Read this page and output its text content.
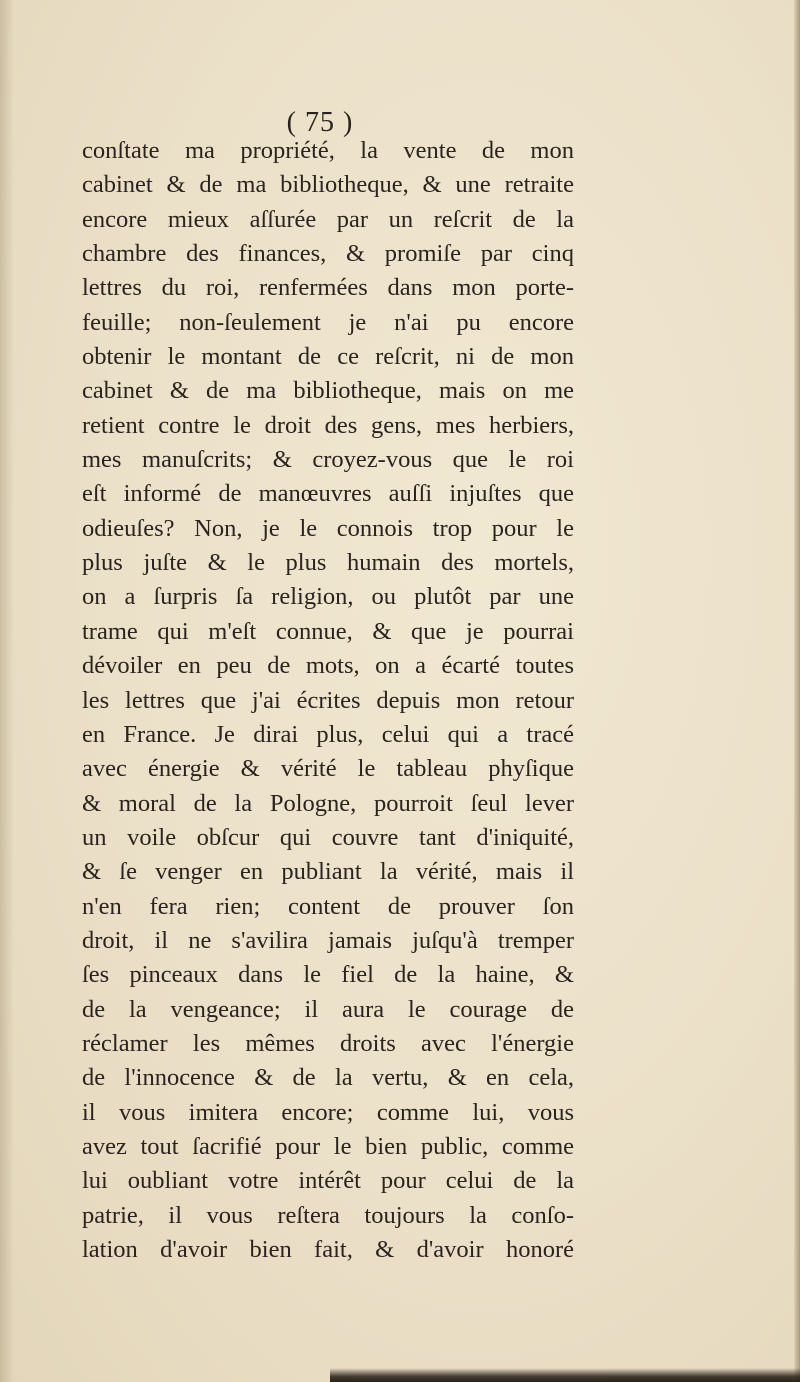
( 75 )
conſtate ma propriété, la vente de mon
cabinet & de ma bibliotheque, & une retraite
encore mieux aſſurée par un reſcrit de la
chambre des finances, & promiſe par cinq
lettres du roi, renfermées dans mon porte-
feuille; non-ſeulement je n'ai pu encore
obtenir le montant de ce reſcrit, ni de mon
cabinet & de ma bibliotheque, mais on me
retient contre le droit des gens, mes herbiers,
mes manuſcrits; & croyez-vous que le roi
eſt informé de manœuvres auſſi injuſtes que
odieuſes? Non, je le connois trop pour le
plus juſte & le plus humain des mortels,
on a ſurpris ſa religion, ou plutôt par une
trame qui m'eſt connue, & que je pourrai
dévoiler en peu de mots, on a écarté toutes
les lettres que j'ai écrites depuis mon retour
en France. Je dirai plus, celui qui a tracé
avec énergie & vérité le tableau phyſique
& moral de la Pologne, pourroit ſeul lever
un voile obſcur qui couvre tant d'iniquité,
& ſe venger en publiant la vérité, mais il
n'en fera rien; content de prouver ſon
droit, il ne s'avilira jamais juſqu'à tremper
ſes pinceaux dans le fiel de la haine, &
de la vengeance; il aura le courage de
réclamer les mêmes droits avec l'énergie
de l'innocence & de la vertu, & en cela,
il vous imitera encore; comme lui, vous
avez tout ſacrifié pour le bien public, comme
lui oubliant votre intérêt pour celui de la
patrie, il vous reſtera toujours la conſo-
lation d'avoir bien fait, & d'avoir honoré
